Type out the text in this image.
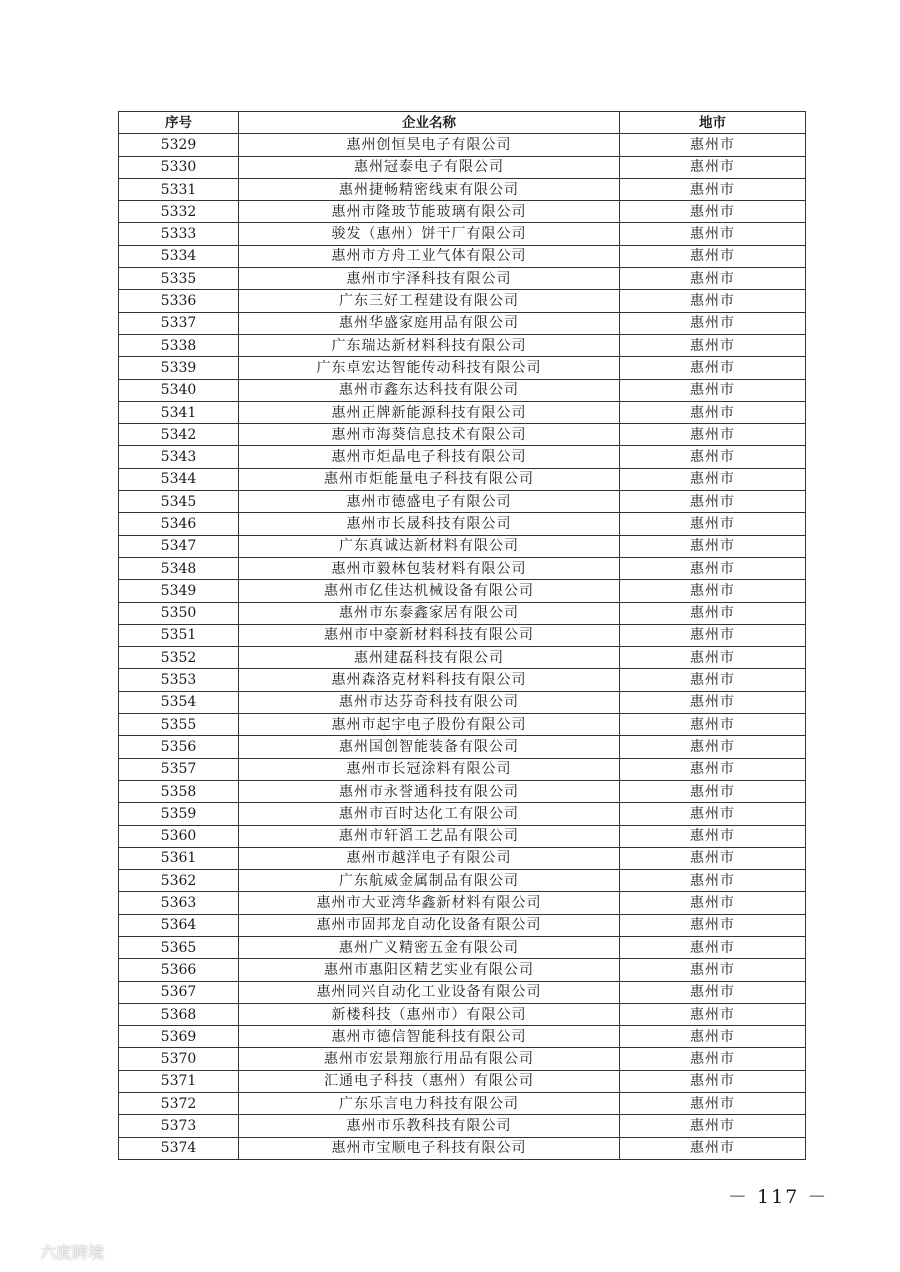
序号	企业名称	地市
5329	惠州创恒昊电子有限公司	惠州市
5330	惠州冠泰电子有限公司	惠州市
5331	惠州捷畅精密线束有限公司	惠州市
5332	惠州市隆玻节能玻璃有限公司	惠州市
5333	骏发（惠州）饼干厂有限公司	惠州市
5334	惠州市方舟工业气体有限公司	惠州市
5335	惠州市宇泽科技有限公司	惠州市
5336	广东三好工程建设有限公司	惠州市
5337	惠州华盛家庭用品有限公司	惠州市
5338	广东瑞达新材料科技有限公司	惠州市
5339	广东卓宏达智能传动科技有限公司	惠州市
5340	惠州市鑫东达科技有限公司	惠州市
5341	惠州正牌新能源科技有限公司	惠州市
5342	惠州市海葵信息技术有限公司	惠州市
5343	惠州市炬晶电子科技有限公司	惠州市
5344	惠州市炬能量电子科技有限公司	惠州市
5345	惠州市德盛电子有限公司	惠州市
5346	惠州市长晟科技有限公司	惠州市
5347	广东真诚达新材料有限公司	惠州市
5348	惠州市毅林包装材料有限公司	惠州市
5349	惠州市亿佳达机械设备有限公司	惠州市
5350	惠州市东泰鑫家居有限公司	惠州市
5351	惠州市中豪新材料科技有限公司	惠州市
5352	惠州建磊科技有限公司	惠州市
5353	惠州森洛克材料科技有限公司	惠州市
5354	惠州市达芬奇科技有限公司	惠州市
5355	惠州市起宇电子股份有限公司	惠州市
5356	惠州国创智能装备有限公司	惠州市
5357	惠州市长冠涂料有限公司	惠州市
5358	惠州市永誉通科技有限公司	惠州市
5359	惠州市百时达化工有限公司	惠州市
5360	惠州市轩滔工艺品有限公司	惠州市
5361	惠州市越洋电子有限公司	惠州市
5362	广东航威金属制品有限公司	惠州市
5363	惠州市大亚湾华鑫新材料有限公司	惠州市
5364	惠州市固邦龙自动化设备有限公司	惠州市
5365	惠州广义精密五金有限公司	惠州市
5366	惠州市惠阳区精艺实业有限公司	惠州市
5367	惠州同兴自动化工业设备有限公司	惠州市
5368	新楼科技（惠州市）有限公司	惠州市
5369	惠州市德信智能科技有限公司	惠州市
5370	惠州市宏景翔旅行用品有限公司	惠州市
5371	汇通电子科技（惠州）有限公司	惠州市
5372	广东乐言电力科技有限公司	惠州市
5373	惠州市乐教科技有限公司	惠州市
5374	惠州市宝顺电子科技有限公司	惠州市
－ 117 －
六度跨境
